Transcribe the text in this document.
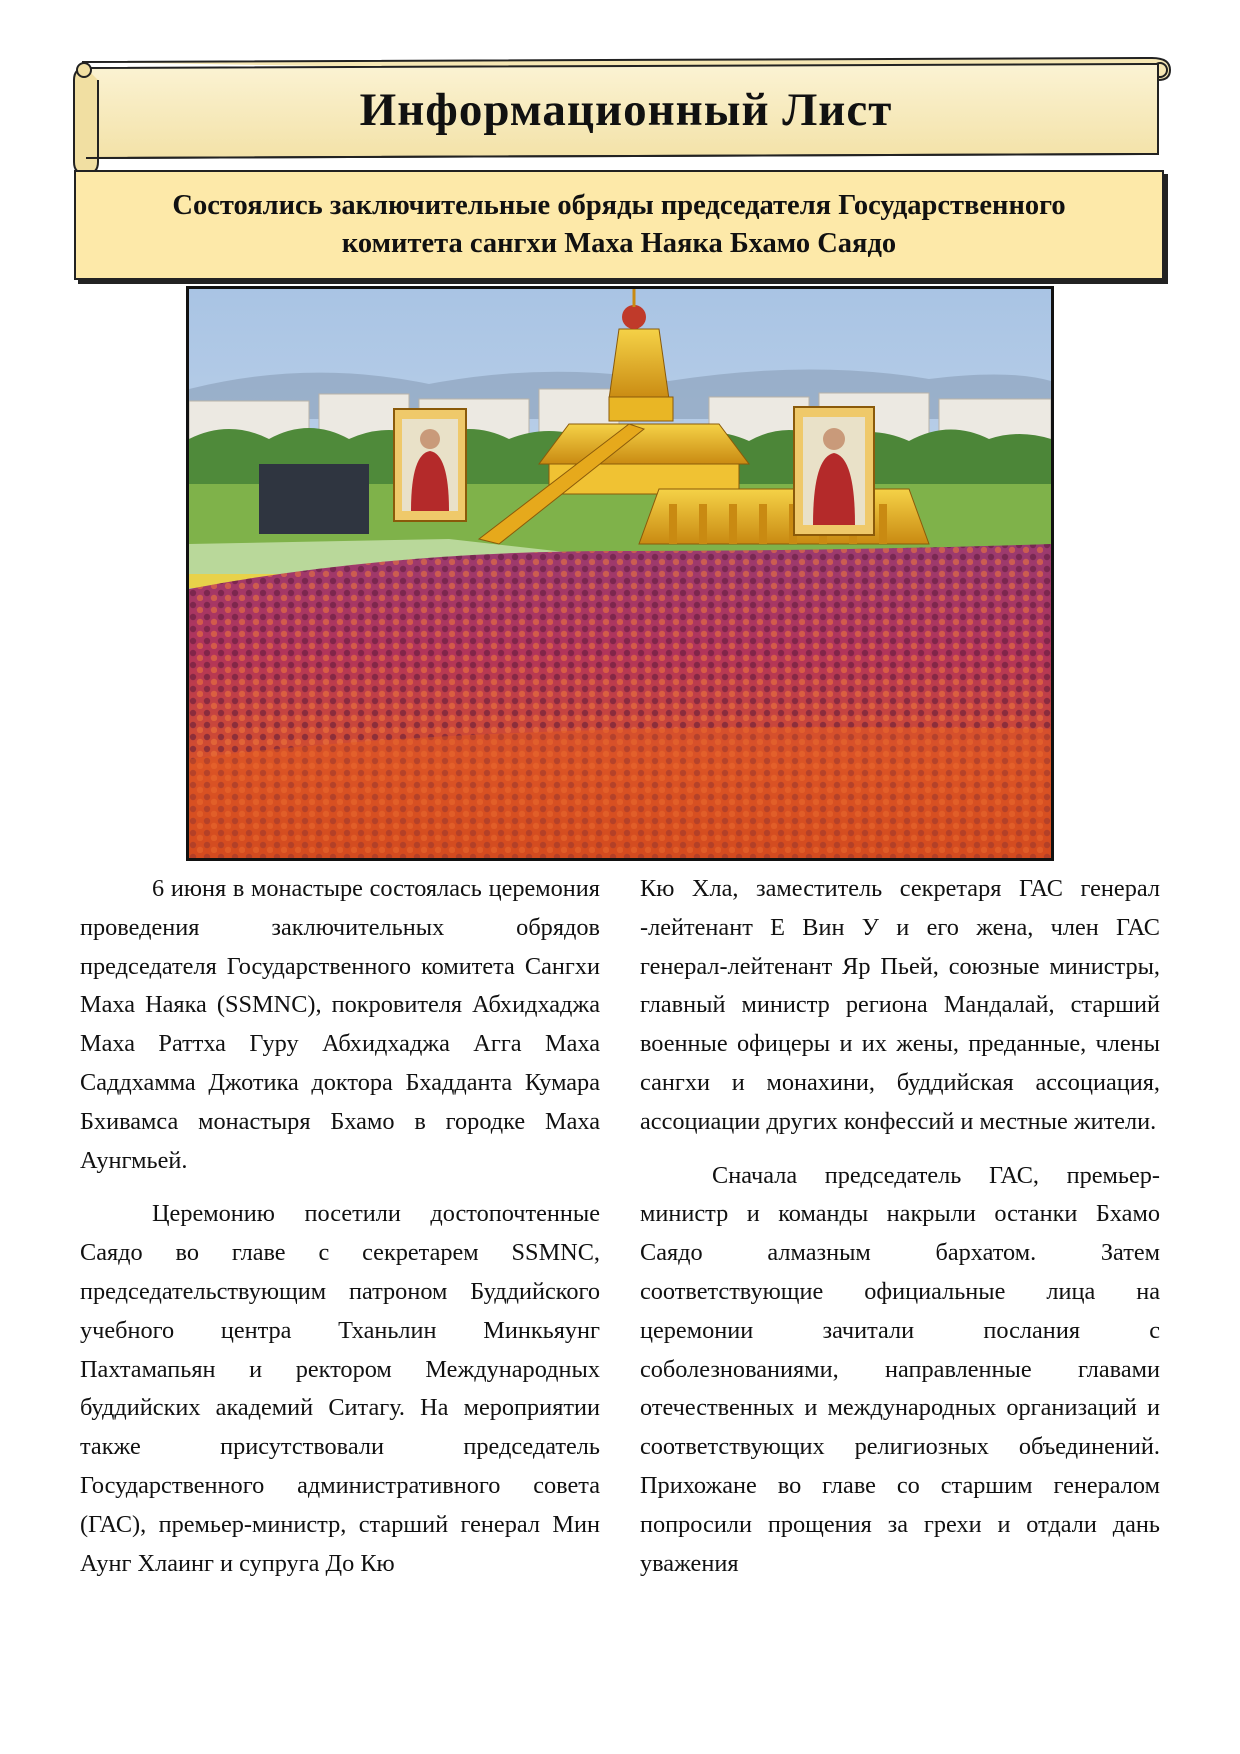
Информационный Лист
Состоялись заключительные обряды председателя Государственного комитета сангхи Маха Наяка Бхамо Саядо

6 июня в монастыре состоялась церемония проведения заключительных обрядов председателя Государственного комитета Сангхи Маха Наяка (SSMNC), покровителя Абхидхаджа Маха Раттха Гуру Абхидхаджа Агга Маха Саддхамма Джотика доктора Бхадданта Кумара Бхивамса монастыря Бхамо в городке Маха Аунгмьей.

Церемонию посетили достопочтенные Саядо во главе с секретарем SSMNC, председательствующим патроном Буддийского учебного центра Тханьлин Минкьяунг Пахтамапьян и ректором Международных буддийских академий Ситагу. На мероприятии также присутствовали председатель Государственного административного совета (ГАС), премьер-министр, старший генерал Мин Аунг Хлаинг и супруга До Кю

Кю Хла, заместитель секретаря ГАС генерал -лейтенант Е Вин У и его жена, член ГАС генерал-лейтенант Яр Пьей, союзные министры, главный министр региона Мандалай, старший военные офицеры и их жены, преданные, члены сангхи и монахини, буддийская ассоциация, ассоциации других конфессий и местные жители.

Сначала председатель ГАС, премьер-министр и команды накрыли останки Бхамо Саядо алмазным бархатом. Затем соответствующие официальные лица на церемонии зачитали послания с соболезнованиями, направленные главами отечественных и международных организаций и соответствующих религиозных объединений. Прихожане во главе со старшим генералом попросили прощения за грехи и отдали дань уважения
